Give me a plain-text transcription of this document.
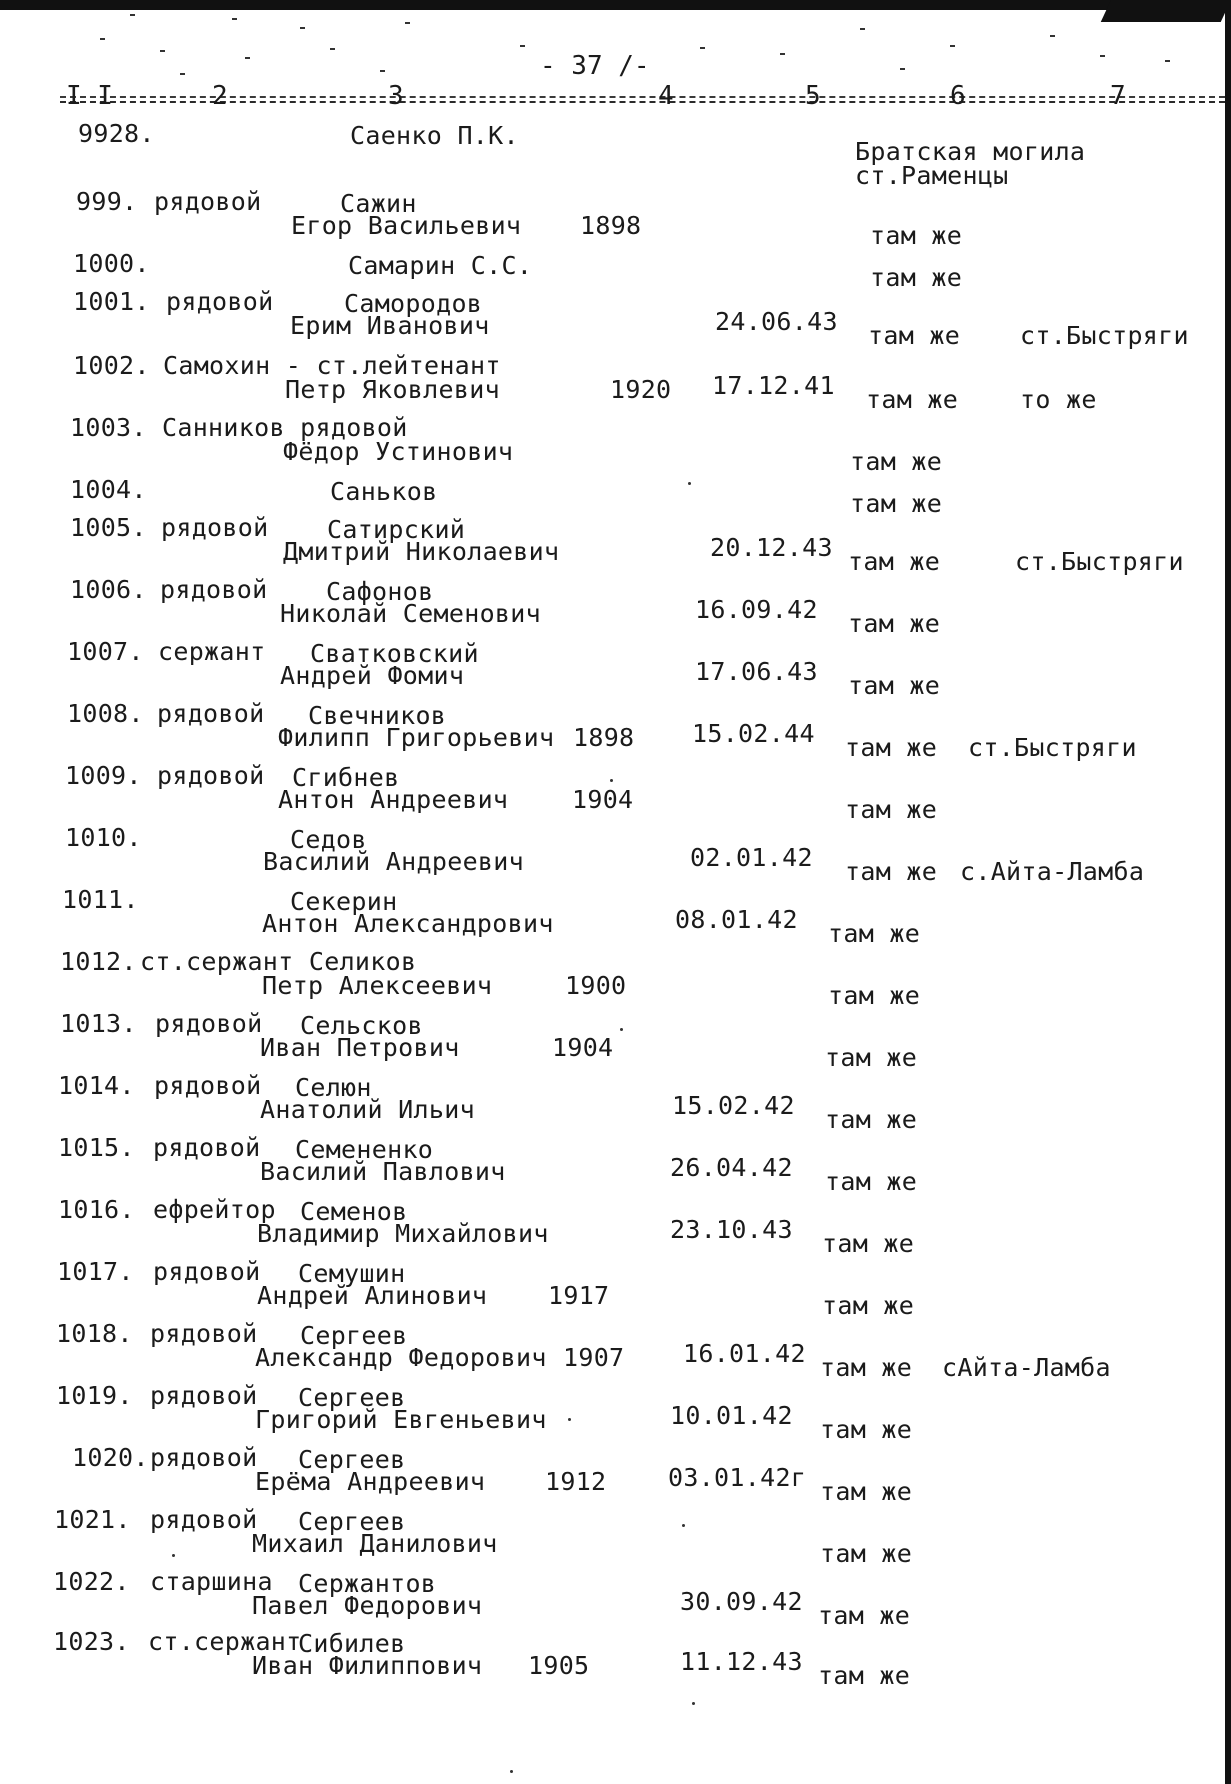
- 37 /-
I I	2	3	4	5	6	7
9928.	Саенко П.К.
Братская могила
ст.Раменцы
999. рядовой	Сажин
Егор Васильевич 1898	там же
1000.	Самарин С.С.	там же
1001. рядовой	Самородов
Ерим Иванович	24.06.43 там же ст.Быстряги
1002. Самохин - ст.лейтенант
Петр Яковлевич	1920 17.12.41 там же то же
1003. Санников рядовой
Фёдор Устинович	там же
1004.	Саньков	там же
1005. рядовой Сатирский
Дмитрий Николаевич	20.12.43 там же	ст.Быстряги
1006. рядовой Сафонов
Николай Семенович	16.09.42 там же
1007. сержант Сватковский
Андрей Фомич	17.06.43 там же
1008. рядовой Свечников
Филипп Григорьевич 1898 15.02.44 там же ст.Быстряги
1009. рядовой Сгибнев
Антон Андреевич	1904	там же
1010.	Седов
Василий Андреевич	02.01.42 там же с.Айта-Ламба
1011.	Секерин
Антон Александрович	08.01.42 там же
1012. ст.сержант Селиков
Петр Алексеевич	1900	там же
1013. рядовой Сельсков
Иван Петрович	1904	там же
1014. рядовой Селюн
Анатолий Ильич	15.02.42 там же
1015. рядовой Семененко
Василий Павлович	26.04.42 там же
1016. ефрейтор Семенов
Владимир Михайлович	23.10.43 там же
1017. рядовой Семушин
Андрей Алинович 1917	там же
1018. рядовой Сергеев
Александр Федорович 1907 16.01.42 там же сАйта-Ламба
1019. рядовой Сергеев
Григорий Евгеньевич	10.01.42 там же
1020. рядовой Сергеев
Ерёма Андреевич 1912 03.01.42г там же
1021. рядовой Сергеев
Михаил Данилович	там же
1022. старшина Сержантов
Павел Федорович	30.09.42 там же
1023. ст.сержант
Сибилев
Иван Филиппович 1905	11.12.43 там же
